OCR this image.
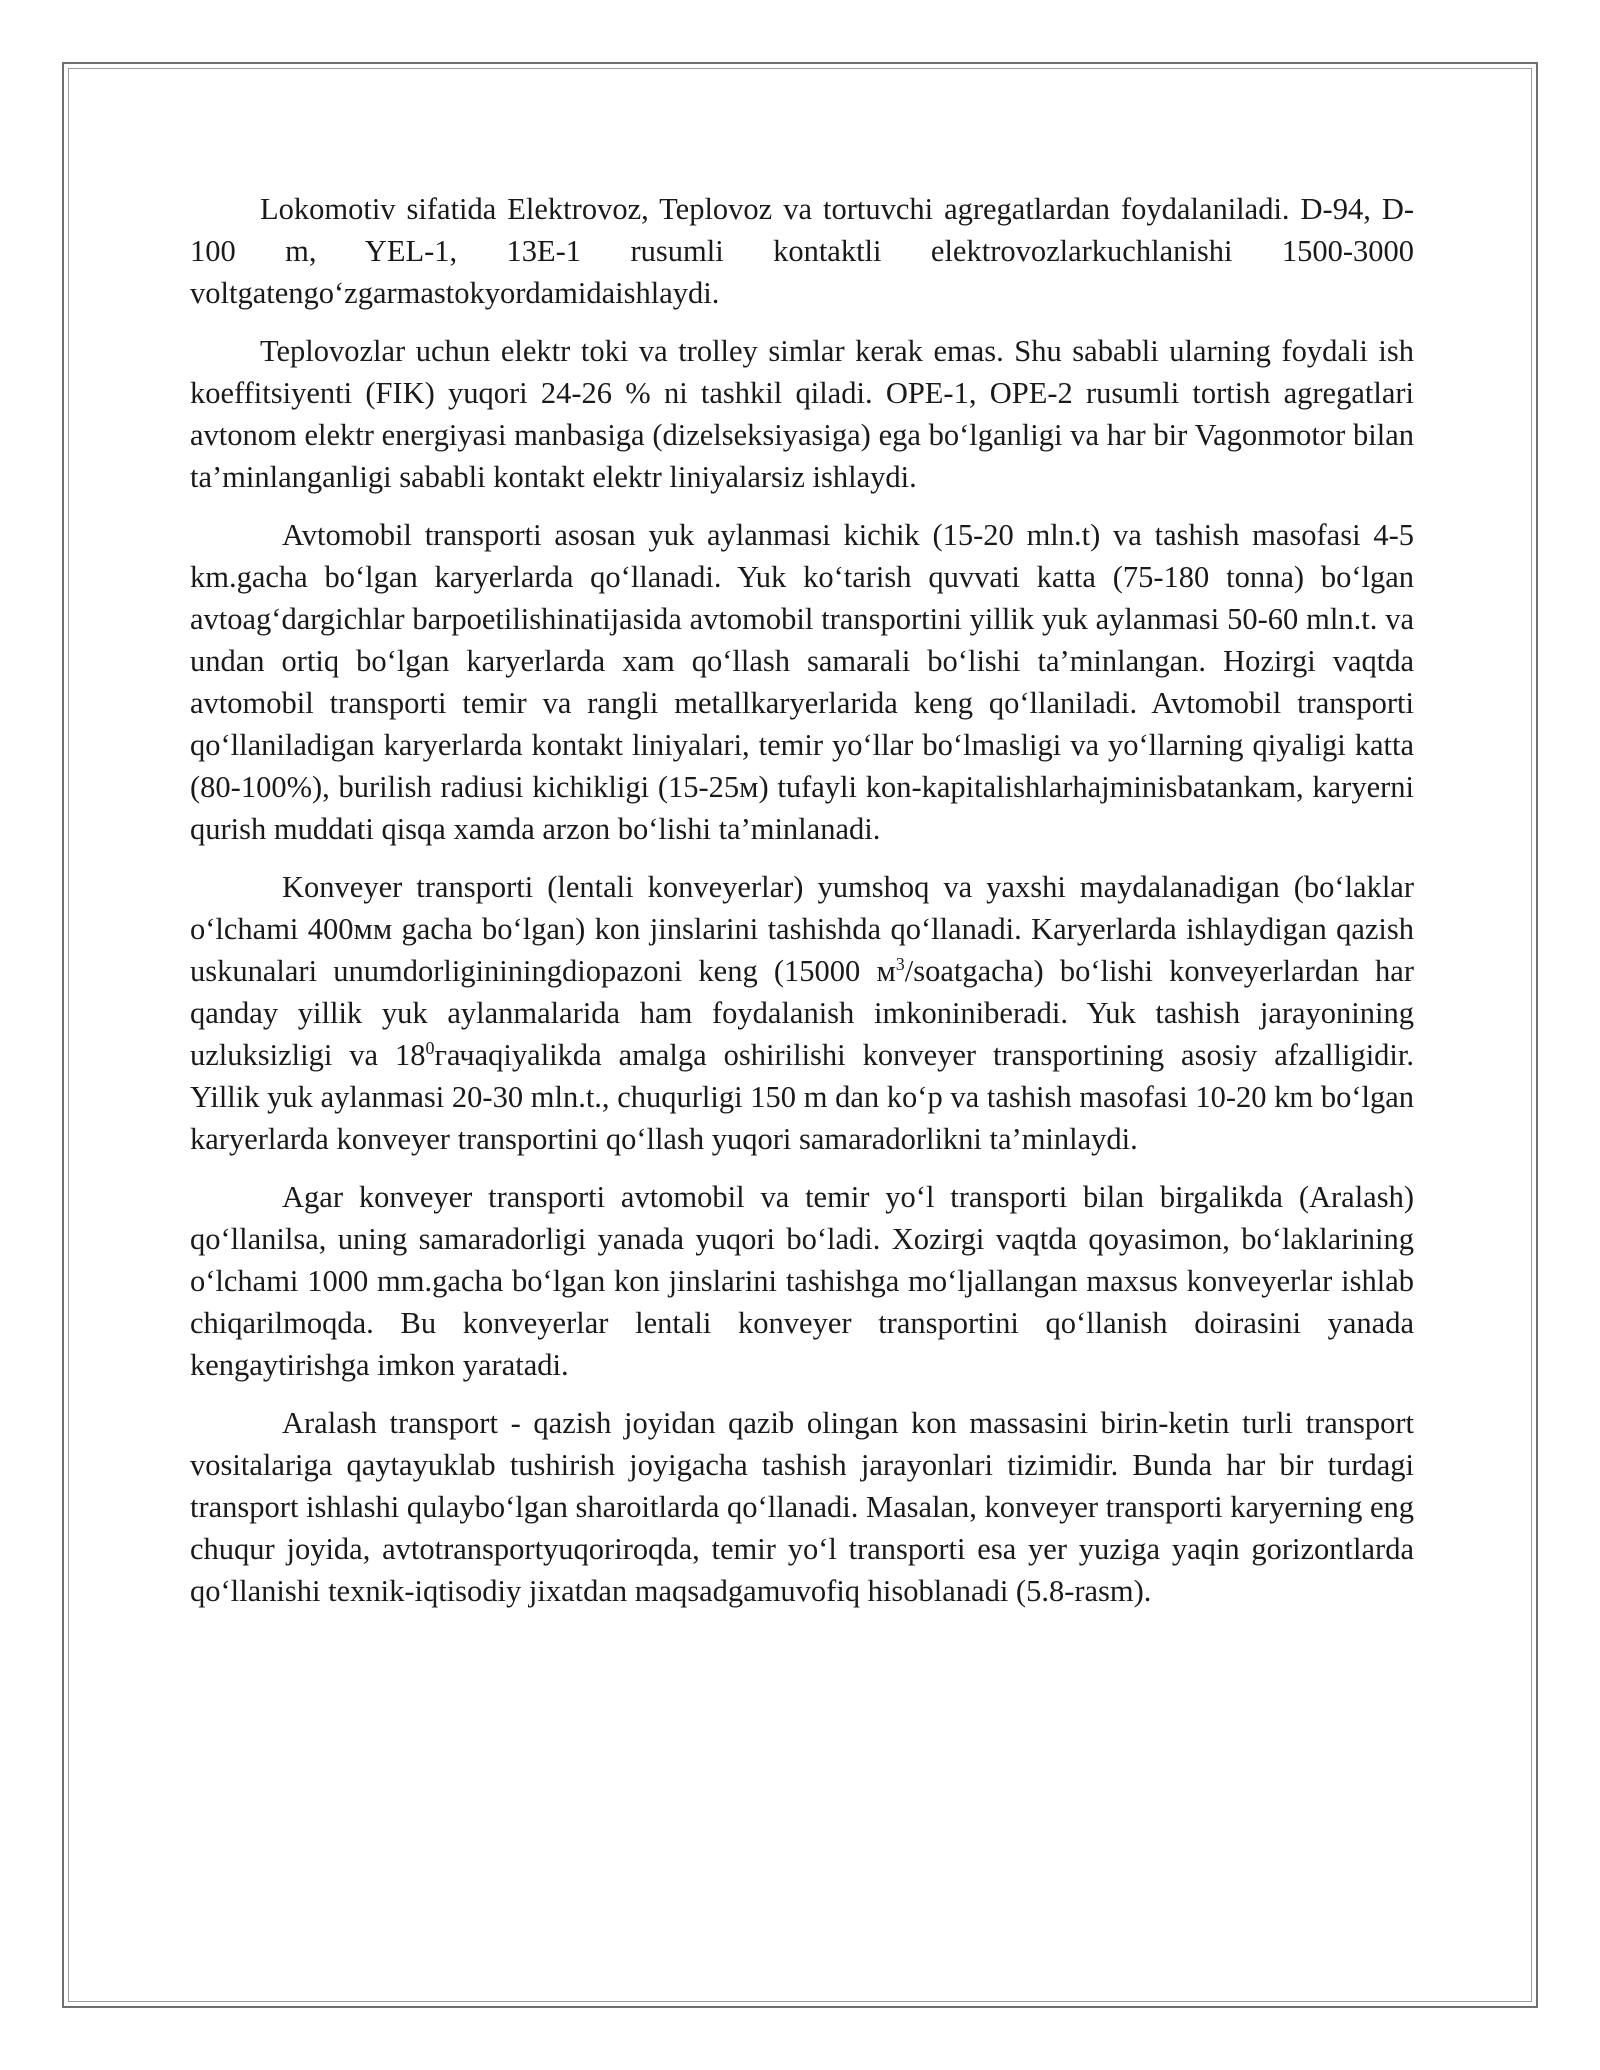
Lokomotiv sifatida Elektrovoz, Teplovoz va tortuvchi agregatlardan foydalaniladi. D-94, D-100 m, YEL-1, 13E-1 rusumli kontaktli elektrovozlarkuchlanishi 1500-3000 voltgatengo‘zgarmastokyordamidaishlaydi.

Teplovozlar uchun elektr toki va trolley simlar kerak emas. Shu sababli ularning foydali ish koeffitsiyenti (FIK) yuqori 24-26 % ni tashkil qiladi. OPE-1, OPE-2 rusumli tortish agregatlari avtonom elektr energiyasi manbasiga (dizelseksiyasiga) ega bo‘lganligi va har bir Vagonmotor bilan ta’minlanganligi sababli kontakt elektr liniyalarsiz ishlaydi.

Avtomobil transporti asosan yuk aylanmasi kichik (15-20 mln.t) va tashish masofasi 4-5 km.gacha bo‘lgan karyerlarda qo‘llanadi. Yuk ko‘tarish quvvati katta (75-180 tonna) bo‘lgan avtoag‘dargichlar barpoetilishinatijasida avtomobil transportini yillik yuk aylanmasi 50-60 mln.t. va undan ortiq bo‘lgan karyerlarda xam qo‘llash samarali bo‘lishi ta’minlangan. Hozirgi vaqtda avtomobil transporti temir va rangli metallkaryerlarida keng qo‘llaniladi. Avtomobil transporti qo‘llaniladigan karyerlarda kontakt liniyalari, temir yo‘llar bo‘lmasligi va yo‘llarning qiyaligi katta (80-100%), burilish radiusi kichikligi (15-25м) tufayli kon-kapitalishlarhajminisbatankam, karyerni qurish muddati qisqa xamda arzon bo‘lishi ta’minlanadi.

Konveyer transporti (lentali konveyerlar) yumshoq va yaxshi maydalanadigan (bo‘laklar o‘lchami 400мм gacha bo‘lgan) kon jinslarini tashishda qo‘llanadi. Karyerlarda ishlaydigan qazish uskunalari unumdorligininingdiopazoni keng (15000 $м^3/soatgacha$) bo‘lishi konveyerlardan har qanday yillik yuk aylanmalarida ham foydalanish imkoniniberadi. Yuk tashish jarayonining uzluksizligi va $18^0гачаqiyalikda$ amalga oshirilishi konveyer transportining asosiy afzalligidir. Yillik yuk aylanmasi 20-30 mln.t., chuqurligi 150 m dan ko‘p va tashish masofasi 10-20 km bo‘lgan karyerlarda konveyer transportini qo‘llash yuqori samaradorlikni ta’minlaydi.

Agar konveyer transporti avtomobil va temir yo‘l transporti bilan birgalikda (Aralash) qo‘llanilsa, uning samaradorligi yanada yuqori bo‘ladi. Xozirgi vaqtda qoyasimon, bo‘laklarining o‘lchami 1000 mm.gacha bo‘lgan kon jinslarini tashishga mo‘ljallangan maxsus konveyerlar ishlab chiqarilmoqda. Bu konveyerlar lentali konveyer transportini qo‘llanish doirasini yanada kengaytirishga imkon yaratadi.

Aralash transport - qazish joyidan qazib olingan kon massasini birin-ketin turli transport vositalariga qaytayuklab tushirish joyigacha tashish jarayonlari tizimidir. Bunda har bir turdagi transport ishlashi qulaybo‘lgan sharoitlarda qo‘llanadi. Masalan, konveyer transporti karyerning eng chuqur joyida, avtotransportyuqoriroqda, temir yo‘l transporti esa yer yuziga yaqin gorizontlarda qo‘llanishi texnik-iqtisodiy jixatdan maqsadgamuvofiq hisoblanadi (5.8-rasm).
